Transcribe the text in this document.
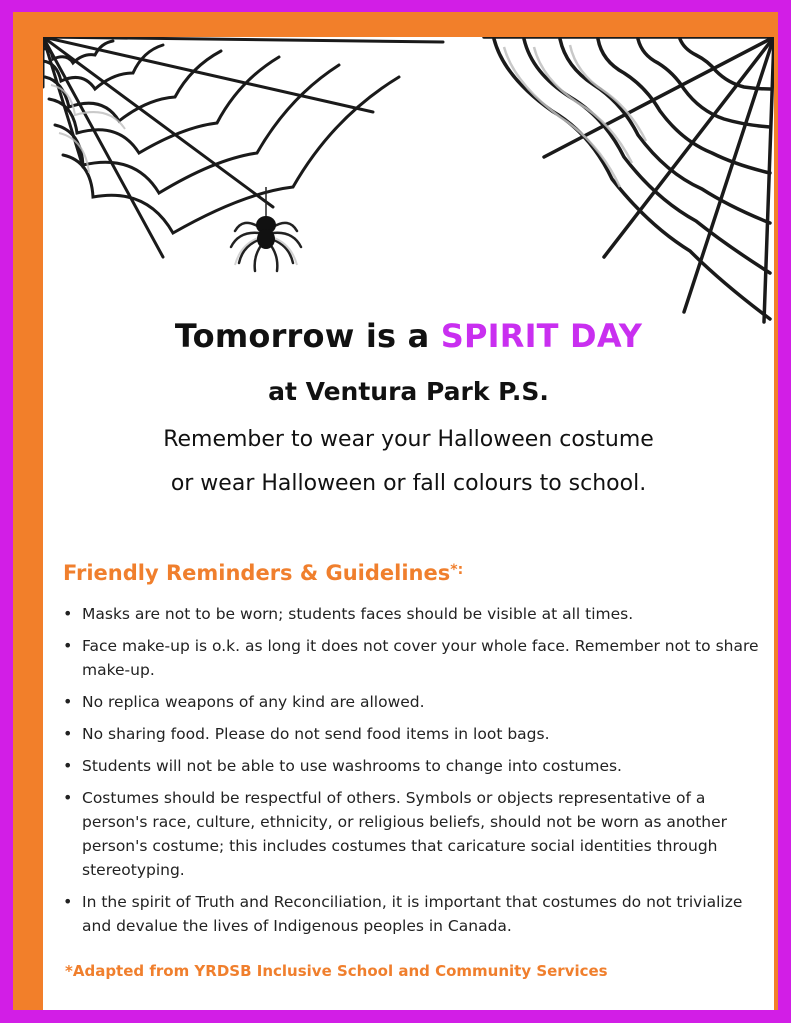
Tomorrow is a SPIRIT DAY
at Ventura Park P.S.
Remember to wear your Halloween costume
or wear Halloween or fall colours to school.
Friendly Reminders & Guidelines*:
• Masks are not to be worn; students faces should be visible at all times.
• Face make-up is o.k. as long it does not cover your whole face. Remember not to share make-up.
• No replica weapons of any kind are allowed.
• No sharing food. Please do not send food items in loot bags.
• Students will not be able to use washrooms to change into costumes.
• Costumes should be respectful of others. Symbols or objects representative of a person's race, culture, ethnicity, or religious beliefs, should not be worn as another person's costume; this includes costumes that caricature social identities through stereotyping.
• In the spirit of Truth and Reconciliation, it is important that costumes do not trivialize and devalue the lives of Indigenous peoples in Canada.
*Adapted from YRDSB Inclusive School and Community Services
